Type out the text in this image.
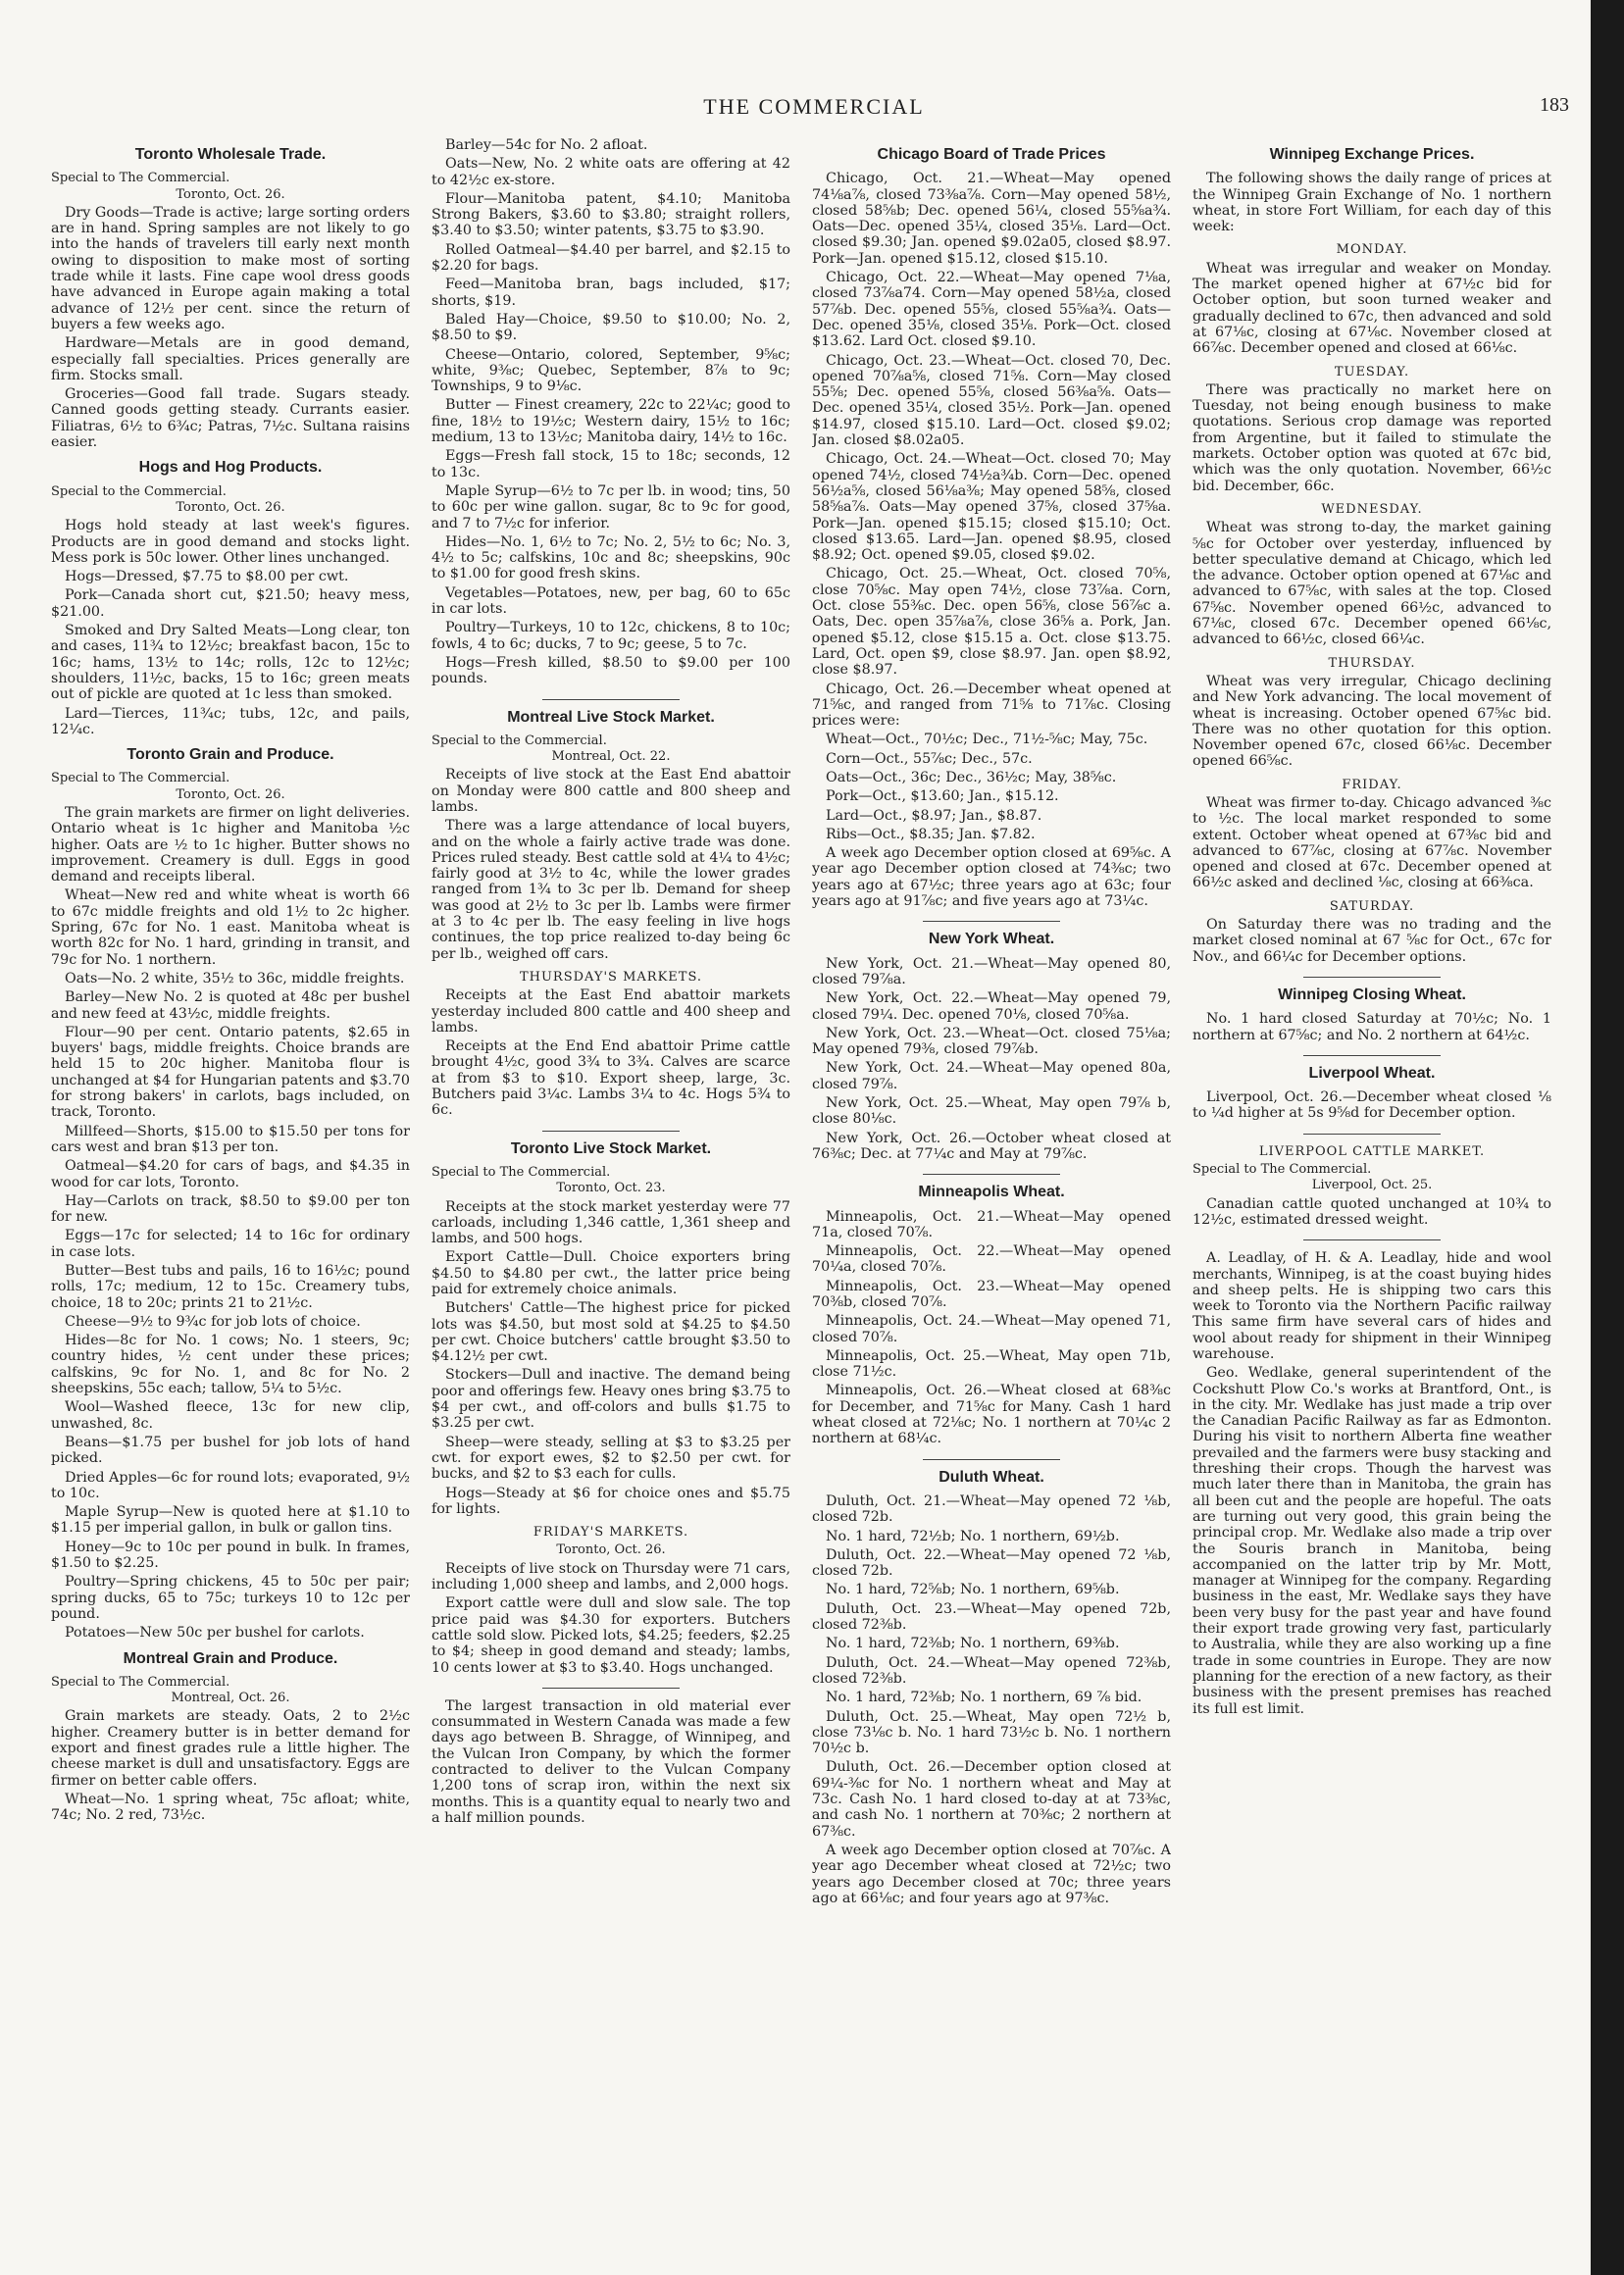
THE COMMERCIAL	183
Toronto Wholesale Trade.
Special to The Commercial.
Toronto, Oct. 26.

Dry Goods—Trade is active; large sorting orders are in hand. Spring samples are not likely to go into the hands of travelers till early next month owing to disposition to make most of sorting trade while it lasts. Fine cape wool dress goods have advanced in Europe again making a total advance of 12½ per cent. since the return of buyers a few weeks ago.

Hardware—Metals are in good demand, especially fall specialties. Prices generally are firm. Stocks small.

Groceries—Good fall trade. Sugars steady. Canned goods getting steady. Currants easier. Filiatras, 6½ to 6¾c; Patras, 7½c. Sultana raisins easier.

Hogs and Hog Products.
Special to the Commercial.
Toronto, Oct. 26.

Hogs hold steady at last week's figures. Products are in good demand and stocks light. Mess pork is 50c lower. Other lines unchanged.

Hogs—Dressed, $7.75 to $8.00 per cwt.

Pork—Canada short cut, $21.50; heavy mess, $21.00.

Smoked and Dry Salted Meats—Long clear, ton and cases, 11¾ to 12½c; breakfast bacon, 15c to 16c; hams, 13½ to 14c; rolls, 12c to 12½c; shoulders, 11½c, backs, 15 to 16c; green meats out of pickle are quoted at 1c less than smoked.

Lard—Tierces, 11¾c; tubs, 12c, and pails, 12¼c.

Toronto Grain and Produce.
Special to The Commercial.
Toronto, Oct. 26.

The grain markets are firmer on light deliveries. Ontario wheat is 1c higher and Manitoba ½c higher. Oats are ½ to 1c higher. Butter shows no improvement. Creamery is dull. Eggs in good demand and receipts liberal.

Wheat—New red and white wheat is worth 66 to 67c middle freights and old 1½ to 2c higher. Spring, 67c for No. 1 east. Manitoba wheat is worth 82c for No. 1 hard, grinding in transit, and 79c for No. 1 northern.

Oats—No. 2 white, 35½ to 36c, middle freights.

Barley—New No. 2 is quoted at 48c per bushel and new feed at 43½c, middle freights.

Flour—90 per cent. Ontario patents, $2.65 in buyers' bags, middle freights. Choice brands are held 15 to 20c higher. Manitoba flour is unchanged at $4 for Hungarian patents and $3.70 for strong bakers' in carlots, bags included, on track, Toronto.

Millfeed—Shorts, $15.00 to $15.50 per tons for cars west and bran $13 per ton.

Oatmeal—$4.20 for cars of bags, and $4.35 in wood for car lots, Toronto.

Hay—Carlots on track, $8.50 to $9.00 per ton for new.

Eggs—17c for selected; 14 to 16c for ordinary in case lots.

Butter—Best tubs and pails, 16 to 16½c; pound rolls, 17c; medium, 12 to 15c. Creamery tubs, choice, 18 to 20c; prints 21 to 21½c.

Cheese—9½ to 9¾c for job lots of choice.

Hides—8c for No. 1 cows; No. 1 steers, 9c; country hides, ½ cent under these prices; calfskins, 9c for No. 1, and 8c for No. 2 sheepskins, 55c each; tallow, 5¼ to 5½c.

Wool—Washed fleece, 13c for new clip, unwashed, 8c.

Beans—$1.75 per bushel for job lots of hand picked.

Dried Apples—6c for round lots; evaporated, 9½ to 10c.

Maple Syrup—New is quoted here at $1.10 to $1.15 per imperial gallon, in bulk or gallon tins.

Honey—9c to 10c per pound in bulk. In frames, $1.50 to $2.25.

Poultry—Spring chickens, 45 to 50c per pair; spring ducks, 65 to 75c; turkeys 10 to 12c per pound.

Potatoes—New 50c per bushel for carlots.

Montreal Grain and Produce.
Special to The Commercial.
Montreal, Oct. 26.

Grain markets are steady. Oats, 2 to 2½c higher. Creamery butter is in better demand for export and finest grades rule a little higher. The cheese market is dull and unsatisfactory. Eggs are firmer on better cable offers.

Wheat—No. 1 spring wheat, 75c afloat; white, 74c; No. 2 red, 73½c.

Barley—54c for No. 2 afloat.

Oats—New, No. 2 white oats are offering at 42 to 42½c ex-store.

Flour—Manitoba patent, $4.10; Manitoba Strong Bakers, $3.60 to $3.80; straight rollers, $3.40 to $3.50; winter patents, $3.75 to $3.90.

Rolled Oatmeal—$4.40 per barrel, and $2.15 to $2.20 for bags.

Feed—Manitoba bran, bags included, $17; shorts, $19.

Baled Hay—Choice, $9.50 to $10.00; No. 2, $8.50 to $9.

Cheese—Ontario, colored, September, 9⅝c; white, 9⅜c; Quebec, September, 8⅞ to 9c; Townships, 9 to 9⅛c.

Butter — Finest creamery, 22c to 22¼c; good to fine, 18½ to 19½c; Western dairy, 15½ to 16c; medium, 13 to 13½c; Manitoba dairy, 14½ to 16c.

Eggs—Fresh fall stock, 15 to 18c; seconds, 12 to 13c.

Maple Syrup—6½ to 7c per lb. in wood; tins, 50 to 60c per wine gallon. sugar, 8c to 9c for good, and 7 to 7½c for inferior.

Hides—No. 1, 6½ to 7c; No. 2, 5½ to 6c; No. 3, 4½ to 5c; calfskins, 10c and 8c; sheepskins, 90c to $1.00 for good fresh skins.

Vegetables—Potatoes, new, per bag, 60 to 65c in car lots.

Poultry—Turkeys, 10 to 12c, chickens, 8 to 10c; fowls, 4 to 6c; ducks, 7 to 9c; geese, 5 to 7c.

Hogs—Fresh killed, $8.50 to $9.00 per 100 pounds.

Montreal Live Stock Market.
Special to the Commercial.
Montreal, Oct. 22.

Receipts of live stock at the East End abattoir on Monday were 800 cattle and 800 sheep and lambs.

There was a large attendance of local buyers, and on the whole a fairly active trade was done. Prices ruled steady. Best cattle sold at 4¼ to 4½c; fairly good at 3½ to 4c, while the lower grades ranged from 1¾ to 3c per lb. Demand for sheep was good at 2½ to 3c per lb. Lambs were firmer at 3 to 4c per lb. The easy feeling in live hogs continues, the top price realized to-day being 6c per lb., weighed off cars.

THURSDAY'S MARKETS.

Receipts at the East End abattoir markets yesterday included 800 cattle and 400 sheep and lambs.

Receipts at the End End abattoir Prime cattle brought 4½c, good 3¾ to 3¾. Calves are scarce at from $3 to $10. Export sheep, large, 3c. Butchers paid 3¼c. Lambs 3¼ to 4c. Hogs 5¾ to 6c.

Toronto Live Stock Market.
Special to The Commercial.
Toronto, Oct. 23.

Receipts at the stock market yesterday were 77 carloads, including 1,346 cattle, 1,361 sheep and lambs, and 500 hogs.

Export Cattle—Dull. Choice exporters bring $4.50 to $4.80 per cwt., the latter price being paid for extremely choice animals.

Butchers' Cattle—The highest price for picked lots was $4.50, but most sold at $4.25 to $4.50 per cwt. Choice butchers' cattle brought $3.50 to $4.12½ per cwt.

Stockers—Dull and inactive. The demand being poor and offerings few. Heavy ones bring $3.75 to $4 per cwt., and off-colors and bulls $1.75 to $3.25 per cwt.

Sheep—were steady, selling at $3 to $3.25 per cwt. for export ewes, $2 to $2.50 per cwt. for bucks, and $2 to $3 each for culls.

Hogs—Steady at $6 for choice ones and $5.75 for lights.

FRIDAY'S MARKETS.
Toronto, Oct. 26.

Receipts of live stock on Thursday were 71 cars, including 1,000 sheep and lambs, and 2,000 hogs.

Export cattle were dull and slow sale. The top price paid was $4.30 for exporters. Butchers cattle sold slow. Picked lots, $4.25; feeders, $2.25 to $4; sheep in good demand and steady; lambs, 10 cents lower at $3 to $3.40. Hogs unchanged.

The largest transaction in old material ever consummated in Western Canada was made a few days ago between B. Shragge, of Winnipeg, and the Vulcan Iron Company, by which the former contracted to deliver to the Vulcan Company 1,200 tons of scrap iron, within the next six months. This is a quantity equal to nearly two and a half million pounds.

Chicago Board of Trade Prices

Chicago, Oct. 21.—Wheat—May opened 74⅛a⅞, closed 73⅜a⅞. Corn—May opened 58½, closed 58⅝b; Dec. opened 56¼, closed 55⅝a¾. Oats—Dec. opened 35¼, closed 35⅛. Lard—Oct. closed $9.30; Jan. opened $9.02a05, closed $8.97. Pork—Jan. opened $15.12, closed $15.10.

Chicago, Oct. 22.—Wheat—May opened 7⅛a, closed 73⅞a74. Corn—May opened 58½a, closed 57⅞b. Dec. opened 55⅝, closed 55⅝a¾. Oats—Dec. opened 35⅛, closed 35⅛. Pork—Oct. closed $13.62. Lard Oct. closed $9.10.

Chicago, Oct. 23.—Wheat—Oct. closed 70, Dec. opened 70⅞a⅝, closed 71⅝. Corn—May closed 55⅝; Dec. opened 55⅝, closed 56⅜a⅝. Oats—Dec. opened 35¼, closed 35½. Pork—Jan. opened $14.97, closed $15.10. Lard—Oct. closed $9.02; Jan. closed $8.02a05.

Chicago, Oct. 24.—Wheat—Oct. closed 70; May opened 74½, closed 74½a¾b. Corn—Dec. opened 56½a⅝, closed 56⅛a⅜; May opened 58⅝, closed 58⅝a⅞. Oats—May opened 37⅝, closed 37⅝a. Pork—Jan. opened $15.15; closed $15.10; Oct. closed $13.65. Lard—Jan. opened $8.95, closed $8.92; Oct. opened $9.05, closed $9.02.

Chicago, Oct. 25.—Wheat, Oct. closed 70⅝, close 70⅝c. May open 74½, close 73⅞a. Corn, Oct. close 55⅜c. Dec. open 56⅝, close 56⅞c a. Oats, Dec. open 35⅞a⅞, close 36⅝ a. Pork, Jan. opened $5.12, close $15.15 a. Oct. close $13.75. Lard, Oct. open $9, close $8.97. Jan. open $8.92, close $8.97.

Chicago, Oct. 26.—December wheat opened at 71⅝c, and ranged from 71⅝ to 71⅞c. Closing prices were:

Wheat—Oct., 70½c; Dec., 71½-⅝c; May, 75c.

Corn—Oct., 55⅞c; Dec., 57c.

Oats—Oct., 36c; Dec., 36½c; May, 38⅝c.

Pork—Oct., $13.60; Jan., $15.12.

Lard—Oct., $8.97; Jan., $8.87.

Ribs—Oct., $8.35; Jan. $7.82.

A week ago December option closed at 69⅝c. A year ago December option closed at 74⅜c; two years ago at 67½c; three years ago at 63c; four years ago at 91⅞c; and five years ago at 73¼c.

New York Wheat.

New York, Oct. 21.—Wheat—May opened 80, closed 79⅞a.

New York, Oct. 22.—Wheat—May opened 79, closed 79¼. Dec. opened 70⅛, closed 70⅝a.

New York, Oct. 23.—Wheat—Oct. closed 75⅛a; May opened 79⅜, closed 79⅞b.

New York, Oct. 24.—Wheat—May opened 80a, closed 79⅞.

New York, Oct. 25.—Wheat, May open 79⅞ b, close 80⅛c.

New York, Oct. 26.—October wheat closed at 76⅜c; Dec. at 77¼c and May at 79⅞c.

Minneapolis Wheat.

Minneapolis, Oct. 21.—Wheat—May opened 71a, closed 70⅞.

Minneapolis, Oct. 22.—Wheat—May opened 70¼a, closed 70⅞.

Minneapolis, Oct. 23.—Wheat—May opened 70⅜b, closed 70⅞.

Minneapolis, Oct. 24.—Wheat—May opened 71, closed 70⅞.

Minneapolis, Oct. 25.—Wheat, May open 71b, close 71½c.

Minneapolis, Oct. 26.—Wheat closed at 68⅜c for December, and 71⅝c for Many. Cash 1 hard wheat closed at 72⅛c; No. 1 northern at 70¼c 2 northern at 68¼c.

Duluth Wheat.

Duluth, Oct. 21.—Wheat—May opened 72 ⅛b, closed 72b.

No. 1 hard, 72½b; No. 1 northern, 69½b.

Duluth, Oct. 22.—Wheat—May opened 72 ⅛b, closed 72b.

No. 1 hard, 72⅝b; No. 1 northern, 69⅝b.

Duluth, Oct. 23.—Wheat—May opened 72b, closed 72⅜b.

No. 1 hard, 72⅜b; No. 1 northern, 69⅜b.

Duluth, Oct. 24.—Wheat—May opened 72⅜b, closed 72⅜b.

No. 1 hard, 72⅜b; No. 1 northern, 69 ⅞ bid.

Duluth, Oct. 25.—Wheat, May open 72½ b, close 73⅛c b. No. 1 hard 73½c b. No. 1 northern 70½c b.

Duluth, Oct. 26.—December option closed at 69¼-⅜c for No. 1 northern wheat and May at 73c. Cash No. 1 hard closed to-day at at 73⅜c, and cash No. 1 northern at 70⅜c; 2 northern at 67⅜c.

A week ago December option closed at 70⅞c. A year ago December wheat closed at 72½c; two years ago December closed at 70c; three years ago at 66⅛c; and four years ago at 97⅜c.

Winnipeg Exchange Prices.

The following shows the daily range of prices at the Winnipeg Grain Exchange of No. 1 northern wheat, in store Fort William, for each day of this week:

MONDAY.

Wheat was irregular and weaker on Monday. The market opened higher at 67½c bid for October option, but soon turned weaker and gradually declined to 67c, then advanced and sold at 67⅛c, closing at 67⅛c. November closed at 66⅞c. December opened and closed at 66⅛c.

TUESDAY.

There was practically no market here on Tuesday, not being enough business to make quotations. Serious crop damage was reported from Argentine, but it failed to stimulate the markets. October option was quoted at 67c bid, which was the only quotation. November, 66½c bid. December, 66c.

WEDNESDAY.

Wheat was strong to-day, the market gaining ⅝c for October over yesterday, influenced by better speculative demand at Chicago, which led the advance. October option opened at 67⅛c and advanced to 67⅝c, with sales at the top. Closed 67⅝c. November opened 66½c, advanced to 67⅛c, closed 67c. December opened 66⅛c, advanced to 66½c, closed 66¼c.

THURSDAY.

Wheat was very irregular, Chicago declining and New York advancing. The local movement of wheat is increasing. October opened 67⅝c bid. There was no other quotation for this option. November opened 67c, closed 66⅛c. December opened 66⅝c.

FRIDAY.

Wheat was firmer to-day. Chicago advanced ⅜c to ½c. The local market responded to some extent. October wheat opened at 67⅜c bid and advanced to 67⅞c, closing at 67⅞c. November opened and closed at 67c. December opened at 66½c asked and declined ⅛c, closing at 66⅜ca.

SATURDAY.

On Saturday there was no trading and the market closed nominal at 67 ⅝c for Oct., 67c for Nov., and 66¼c for December options.

Winnipeg Closing Wheat.

No. 1 hard closed Saturday at 70½c; No. 1 northern at 67⅝c; and No. 2 northern at 64½c.

Liverpool Wheat.

Liverpool, Oct. 26.—December wheat closed ⅛ to ¼d higher at 5s 9⅝d for December option.

LIVERPOOL CATTLE MARKET.
Special to The Commercial.
Liverpool, Oct. 25.

Canadian cattle quoted unchanged at 10¾ to 12½c, estimated dressed weight.

A. Leadlay, of H. & A. Leadlay, hide and wool merchants, Winnipeg, is at the coast buying hides and sheep pelts. He is shipping two cars this week to Toronto via the Northern Pacific railway This same firm have several cars of hides and wool about ready for shipment in their Winnipeg warehouse.

Geo. Wedlake, general superintendent of the Cockshutt Plow Co.'s works at Brantford, Ont., is in the city. Mr. Wedlake has just made a trip over the Canadian Pacific Railway as far as Edmonton. During his visit to northern Alberta fine weather prevailed and the farmers were busy stacking and threshing their crops. Though the harvest was much later there than in Manitoba, the grain has all been cut and the people are hopeful. The oats are turning out very good, this grain being the principal crop. Mr. Wedlake also made a trip over the Souris branch in Manitoba, being accompanied on the latter trip by Mr. Mott, manager at Winnipeg for the company. Regarding business in the east, Mr. Wedlake says they have been very busy for the past year and have found their export trade growing very fast, particularly to Australia, while they are also working up a fine trade in some countries in Europe. They are now planning for the erection of a new factory, as their business with the present premises has reached its full est limit.
